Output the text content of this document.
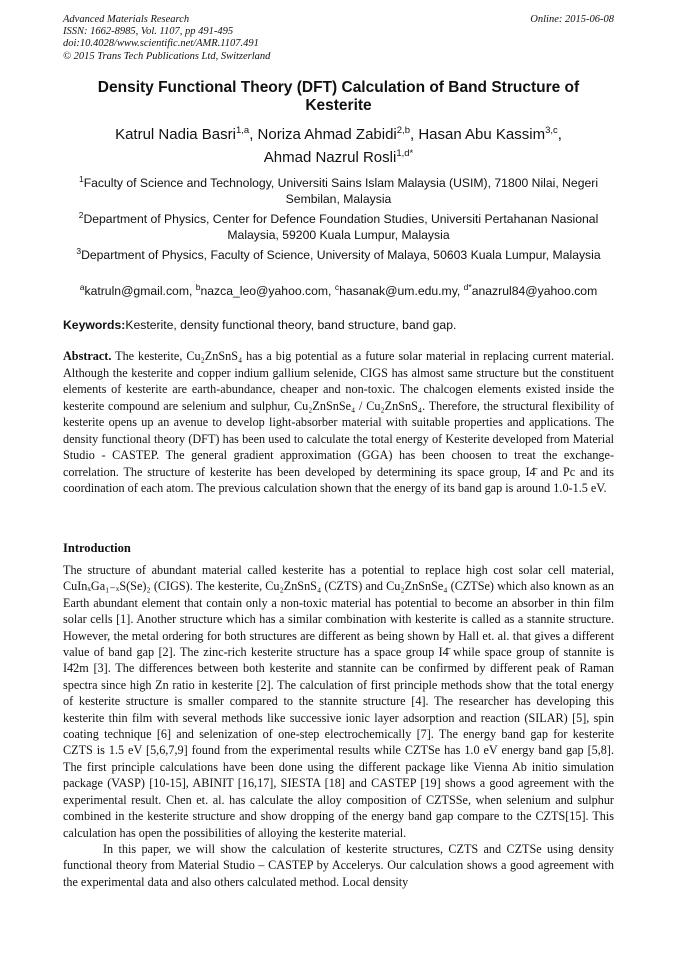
Advanced Materials Research
ISSN: 1662-8985, Vol. 1107, pp 491-495
doi:10.4028/www.scientific.net/AMR.1107.491
© 2015 Trans Tech Publications Ltd, Switzerland
Online: 2015-06-08
Density Functional Theory (DFT) Calculation of Band Structure of Kesterite
Katrul Nadia Basri$^{1,a}$, Noriza Ahmad Zabidi$^{2,b}$, Hasan Abu Kassim$^{3,c}$,
Ahmad Nazrul Rosli$^{1,d*}$
$^1$Faculty of Science and Technology, Universiti Sains Islam Malaysia (USIM), 71800 Nilai, Negeri Sembilan, Malaysia
$^2$Department of Physics, Center for Defence Foundation Studies, Universiti Pertahanan Nasional Malaysia, 59200 Kuala Lumpur, Malaysia
$^3$Department of Physics, Faculty of Science, University of Malaya, 50603 Kuala Lumpur, Malaysia
$^a$katruln@gmail.com, $^b$nazca_leo@yahoo.com, $^c$hasanak@um.edu.my, $^{d*}$anazrul84@yahoo.com
Keywords:Kesterite, density functional theory, band structure, band gap.
Abstract. The kesterite, Cu₂ZnSnS₄ has a big potential as a future solar material in replacing current material. Although the kesterite and copper indium gallium selenide, CIGS has almost same structure but the constituent elements of kesterite are earth-abundance, cheaper and non-toxic. The chalcogen elements existed inside the kesterite compound are selenium and sulphur, Cu₂ZnSnSe₄ / Cu₂ZnSnS₄. Therefore, the structural flexibility of kesterite opens up an avenue to develop light-absorber material with suitable properties and applications. The density functional theory (DFT) has been used to calculate the total energy of Kesterite developed from Material Studio - CASTEP. The general gradient approximation (GGA) has been choosen to treat the exchange-correlation. The structure of kesterite has been developed by determining its space group, I4̄ and Pc and its coordination of each atom. The previous calculation shown that the energy of its band gap is around 1.0-1.5 eV.
Introduction

The structure of abundant material called kesterite has a potential to replace high cost solar cell material, CuInₓGa₁₋ₓS(Se)₂ (CIGS). The kesterite, Cu₂ZnSnS₄ (CZTS) and Cu₂ZnSnSe₄ (CZTSe) which also known as an Earth abundant element that contain only a non-toxic material has potential to become an absorber in thin film solar cells [1]. Another structure which has a similar combination with kesterite is called as a stannite structure. However, the metal ordering for both structures are different as being shown by Hall et. al. that gives a different value of band gap [2]. The zinc-rich kesterite structure has a space group I4̄ while space group of stannite is I4̄2m [3]. The differences between both kesterite and stannite can be confirmed by different peak of Raman spectra since high Zn ratio in kesterite [2]. The calculation of first principle methods show that the total energy of kesterite structure is smaller compared to the stannite structure [4]. The researcher has developing this kesterite thin film with several methods like successive ionic layer adsorption and reaction (SILAR) [5], spin coating technique [6] and selenization of one-step electrochemically [7]. The energy band gap for kesterite CZTS is 1.5 eV [5,6,7,9] found from the experimental results while CZTSe has 1.0 eV energy band gap [5,8]. The first principle calculations have been done using the different package like Vienna Ab initio simulation package (VASP) [10-15], ABINIT [16,17], SIESTA [18] and CASTEP [19] shows a good agreement with the experimental result. Chen et. al. has calculate the alloy composition of CZTSSe, when selenium and sulphur combined in the kesterite structure and show dropping of the energy band gap compare to the CZTS[15]. This calculation has open the possibilities of alloying the kesterite material.

In this paper, we will show the calculation of kesterite structures, CZTS and CZTSe using density functional theory from Material Studio – CASTEP by Accelerys. Our calculation shows a good agreement with the experimental data and also others calculated method. Local density
